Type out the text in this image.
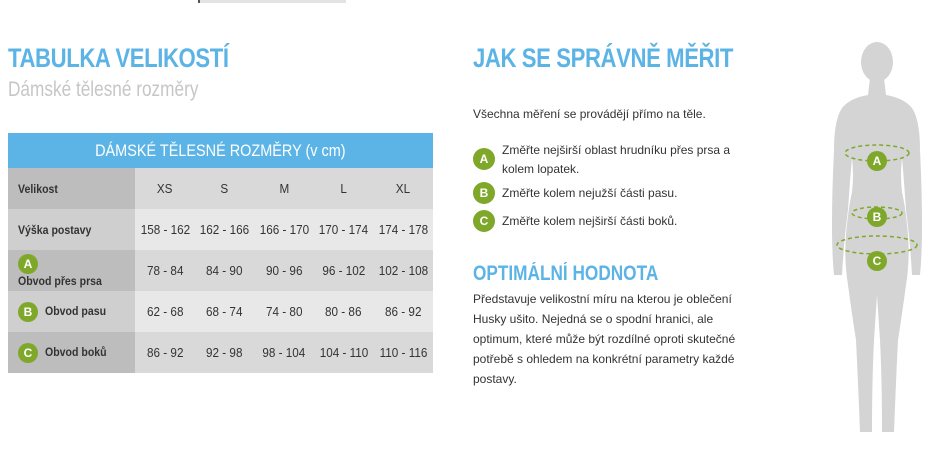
TABULKA VELIKOSTÍ
Dámské tělesné rozměry
DÁMSKÉ TĚLESNÉ ROZMĚRY (v cm)					
Velikost	XS	S	M	L	XL
Výška postavy	158 - 162	162 - 166	166 - 170	170 - 174	174 - 178
AObvod přes prsa	78 - 84	84 - 90	90 - 96	96 - 102	102 - 108
B Obvod pasu	62 - 68	68 - 74	74 - 80	80 - 86	86 - 92
C Obvod boků	86 - 92	92 - 98	98 - 104	104 - 110	110 - 116
JAK SE SPRÁVNĚ MĚŘIT
Všechna měření se provádějí přímo na těle.
A
Změřte nejširší oblast hrudníku přes prsa a
kolem lopatek.
B	Změřte kolem nejužší části pasu.
C	Změřte kolem nejširší části boků.
OPTIMÁLNÍ HODNOTA
Představuje velikostní míru na kterou je oblečení
Husky ušito. Nejedná se o spodní hranici, ale
optimum, které může být rozdílné oproti skutečné
potřebě s ohledem na konkrétní parametry každé
postavy.
A
B
C
